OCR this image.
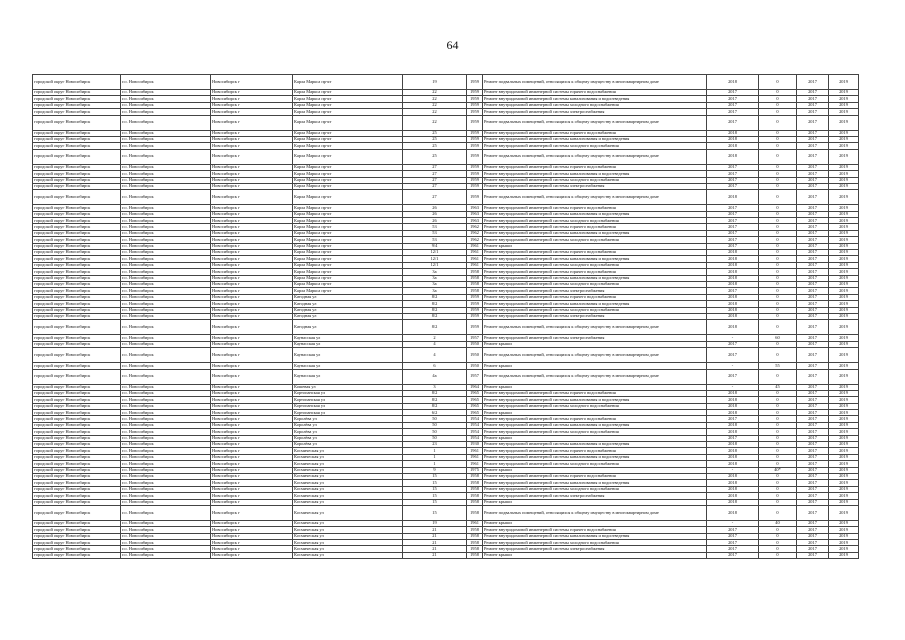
64
городской округ Новосибирск	г.о. Новосибирск	Новосибирск г	Карла Маркса пр-кт	19	1959	Ремонт подвальных помещений, относящихся к общему имуществу в многоквартирном доме	2018	0	2017	2019
городской округ Новосибирск	г.о. Новосибирск	Новосибирск г	Карла Маркса пр-кт	22	1959	Ремонт внутридомовой инженерной системы горячего водоснабжения	2017	0	2017	2019
городской округ Новосибирск	г.о. Новосибирск	Новосибирск г	Карла Маркса пр-кт	22	1959	Ремонт внутридомовой инженерной системы канализования и водоотведения	2017	0	2017	2019
городской округ Новосибирск	г.о. Новосибирск	Новосибирск г	Карла Маркса пр-кт	22	1959	Ремонт внутридомовой инженерной системы холодного водоснабжения	2017	0	2017	2019
городской округ Новосибирск	г.о. Новосибирск	Новосибирск г	Карла Маркса пр-кт	22	1959	Ремонт внутридомовой инженерной системы электроснабжения	2017	0	2017	2019
городской округ Новосибирск	г.о. Новосибирск	Новосибирск г	Карла Маркса пр-кт	22	1959	Ремонт подвальных помещений, относящихся к общему имуществу в многоквартирном доме	2017	0	2017	2019
городской округ Новосибирск	г.о. Новосибирск	Новосибирск г	Карла Маркса пр-кт	25	1959	Ремонт внутридомовой инженерной системы горячего водоснабжения	2018	0	2017	2019
городской округ Новосибирск	г.о. Новосибирск	Новосибирск г	Карла Маркса пр-кт	25	1959	Ремонт внутридомовой инженерной системы канализования и водоотведения	2018	0	2017	2019
городской округ Новосибирск	г.о. Новосибирск	Новосибирск г	Карла Маркса пр-кт	25	1959	Ремонт внутридомовой инженерной системы холодного водоснабжения	2018	0	2017	2019
городской округ Новосибирск	г.о. Новосибирск	Новосибирск г	Карла Маркса пр-кт	25	1959	Ремонт подвальных помещений, относящихся к общему имуществу в многоквартирном доме	2018	0	2017	2019
городской округ Новосибирск	г.о. Новосибирск	Новосибирск г	Карла Маркса пр-кт	27	1959	Ремонт внутридомовой инженерной системы горячего водоснабжения	2017	0	2017	2019
городской округ Новосибирск	г.о. Новосибирск	Новосибирск г	Карла Маркса пр-кт	27	1959	Ремонт внутридомовой инженерной системы канализования и водоотведения	2017	0	2017	2019
городской округ Новосибирск	г.о. Новосибирск	Новосибирск г	Карла Маркса пр-кт	27	1959	Ремонт внутридомовой инженерной системы холодного водоснабжения	2017	0	2017	2019
городской округ Новосибирск	г.о. Новосибирск	Новосибирск г	Карла Маркса пр-кт	27	1959	Ремонт внутридомовой инженерной системы электроснабжения	2017	0	2017	2019
городской округ Новосибирск	г.о. Новосибирск	Новосибирск г	Карла Маркса пр-кт	27	1959	Ремонт подвальных помещений, относящихся к общему имуществу в многоквартирном доме	2018	0	2017	2019
городской округ Новосибирск	г.о. Новосибирск	Новосибирск г	Карла Маркса пр-кт	26	1963	Ремонт внутридомовой инженерной системы горячего водоснабжения	2017	0	2017	2019
городской округ Новосибирск	г.о. Новосибирск	Новосибирск г	Карла Маркса пр-кт	26	1963	Ремонт внутридомовой инженерной системы канализования и водоотведения	2017	0	2017	2019
городской округ Новосибирск	г.о. Новосибирск	Новосибирск г	Карла Маркса пр-кт	26	1963	Ремонт внутридомовой инженерной системы холодного водоснабжения	2017	0	2017	2019
городской округ Новосибирск	г.о. Новосибирск	Новосибирск г	Карла Маркса пр-кт	53	1962	Ремонт внутридомовой инженерной системы горячего водоснабжения	2017	0	2017	2019
городской округ Новосибирск	г.о. Новосибирск	Новосибирск г	Карла Маркса пр-кт	53	1962	Ремонт внутридомовой инженерной системы канализования и водоотведения	2017	0	2017	2019
городской округ Новосибирск	г.о. Новосибирск	Новосибирск г	Карла Маркса пр-кт	53	1962	Ремонт внутридомовой инженерной системы холодного водоснабжения	2017	0	2017	2019
городской округ Новосибирск	г.о. Новосибирск	Новосибирск г	Карла Маркса пр-кт	9/4	1961	Ремонт крыши	2017	0	2017	2019
городской округ Новосибирск	г.о. Новосибирск	Новосибирск г	Карла Маркса пр-кт	12/1	1961	Ремонт внутридомовой инженерной системы горячего водоснабжения	2018	0	2017	2019
городской округ Новосибирск	г.о. Новосибирск	Новосибирск г	Карла Маркса пр-кт	12/1	1961	Ремонт внутридомовой инженерной системы канализования и водоотведения	2018	0	2017	2019
городской округ Новосибирск	г.о. Новосибирск	Новосибирск г	Карла Маркса пр-кт	12/1	1961	Ремонт внутридомовой инженерной системы холодного водоснабжения	2018	0	2017	2019
городской округ Новосибирск	г.о. Новосибирск	Новосибирск г	Карла Маркса пр-кт	3а	1958	Ремонт внутридомовой инженерной системы горячего водоснабжения	2018	0	2017	2019
городской округ Новосибирск	г.о. Новосибирск	Новосибирск г	Карла Маркса пр-кт	3а	1958	Ремонт внутридомовой инженерной системы канализования и водоотведения	2018	0	2017	2019
городской округ Новосибирск	г.о. Новосибирск	Новосибирск г	Карла Маркса пр-кт	3а	1958	Ремонт внутридомовой инженерной системы холодного водоснабжения	2018	0	2017	2019
городской округ Новосибирск	г.о. Новосибирск	Новосибирск г	Карла Маркса пр-кт	3а	1958	Ремонт внутридомовой инженерной системы электроснабжения	2017	0	2017	2019
городской округ Новосибирск	г.о. Новосибирск	Новосибирск г	Катодная ул	8/2	1959	Ремонт внутридомовой инженерной системы горячего водоснабжения	2018	0	2017	2019
городской округ Новосибирск	г.о. Новосибирск	Новосибирск г	Катодная ул	8/2	1959	Ремонт внутридомовой инженерной системы канализования и водоотведения	2018	0	2017	2019
городской округ Новосибирск	г.о. Новосибирск	Новосибирск г	Катодная ул	8/2	1959	Ремонт внутридомовой инженерной системы холодного водоснабжения	2018	0	2017	2019
городской округ Новосибирск	г.о. Новосибирск	Новосибирск г	Катодная ул	8/2	1959	Ремонт внутридомовой инженерной системы электроснабжения	2018	0	2017	2019
городской округ Новосибирск	г.о. Новосибирск	Новосибирск г	Катодная ул	8/2	1959	Ремонт подвальных помещений, относящихся к общему имуществу в многоквартирном доме	2018	0	2017	2019
городской округ Новосибирск	г.о. Новосибирск	Новосибирск г	Каунасская ул	2	1957	Ремонт внутридомовой инженерной системы электроснабжения	-	60	2017	2019
городской округ Новосибирск	г.о. Новосибирск	Новосибирск г	Каунасская ул	4	1950	Ремонт крыши	2017	0	2017	2019
городской округ Новосибирск	г.о. Новосибирск	Новосибирск г	Каунасская ул	4	1950	Ремонт подвальных помещений, относящихся к общему имуществу в многоквартирном доме	2017	0	2017	2019
городской округ Новосибирск	г.о. Новосибирск	Новосибирск г	Каунасская ул	6	1950	Ремонт крыши	-	55	2017	2019
городской округ Новосибирск	г.о. Новосибирск	Новосибирск г	Каунасская ул	4а	1957	Ремонт подвальных помещений, относящихся к общему имуществу в многоквартирном доме	2017	0	2017	2019
городской округ Новосибирск	г.о. Новосибирск	Новосибирск г	Кошевая ул	3	1964	Ремонт крыши	-	45	2017	2019
городской округ Новосибирск	г.о. Новосибирск	Новосибирск г	Кортопанская ул	8/2	1965	Ремонт внутридомовой инженерной системы горячего водоснабжения	2018	0	2017	2019
городской округ Новосибирск	г.о. Новосибирск	Новосибирск г	Кортопанская ул	8/2	1965	Ремонт внутридомовой инженерной системы канализования и водоотведения	2018	0	2017	2019
городской округ Новосибирск	г.о. Новосибирск	Новосибирск г	Кортопанская ул	8/2	1965	Ремонт внутридомовой инженерной системы холодного водоснабжения	2018	0	2017	2019
городской округ Новосибирск	г.о. Новосибирск	Новосибирск г	Кортопанская ул	6/2	1965	Ремонт крыши	2018	0	2017	2019
городской округ Новосибирск	г.о. Новосибирск	Новосибирск г	Королёва ул	50	1954	Ремонт внутридомовой инженерной системы горячего водоснабжения	2017	0	2017	2019
городской округ Новосибирск	г.о. Новосибирск	Новосибирск г	Королёва ул	50	1954	Ремонт внутридомовой инженерной системы канализования и водоотведения	2018	0	2017	2019
городской округ Новосибирск	г.о. Новосибирск	Новосибирск г	Королёва ул	50	1954	Ремонт внутридомовой инженерной системы холодного водоснабжения	2018	0	2017	2019
городской округ Новосибирск	г.о. Новосибирск	Новосибирск г	Королёва ул	50	1954	Ремонт крыши	2017	0	2017	2019
городской округ Новосибирск	г.о. Новосибирск	Новосибирск г	Королёва ул	23	1930	Ремонт внутридомовой инженерной системы канализования и водоотведения	2018	0	2017	2019
городской округ Новосибирск	г.о. Новосибирск	Новосибирск г	Космическая ул	1	1961	Ремонт внутридомовой инженерной системы горячего водоснабжения	2018	0	2017	2019
городской округ Новосибирск	г.о. Новосибирск	Новосибирск г	Космическая ул	1	1961	Ремонт внутридомовой инженерной системы канализования и водоотведения	2018	0	2017	2019
городской округ Новосибирск	г.о. Новосибирск	Новосибирск г	Космическая ул	1	1961	Ремонт внутридомовой инженерной системы холодного водоснабжения	2018	0	2017	2019
городской округ Новосибирск	г.о. Новосибирск	Новосибирск г	Космическая ул	9	1975	Ремонт крыши	-	40*	2017	2019
городской округ Новосибирск	г.о. Новосибирск	Новосибирск г	Космическая ул	15	1958	Ремонт внутридомовой инженерной системы горячего водоснабжения	2018	0	2017	2019
городской округ Новосибирск	г.о. Новосибирск	Новосибирск г	Космическая ул	15	1958	Ремонт внутридомовой инженерной системы канализования и водоотведения	2018	0	2017	2019
городской округ Новосибирск	г.о. Новосибирск	Новосибирск г	Космическая ул	15	1958	Ремонт внутридомовой инженерной системы холодного водоснабжения	2018	0	2017	2019
городской округ Новосибирск	г.о. Новосибирск	Новосибирск г	Космическая ул	15	1958	Ремонт внутридомовой инженерной системы электроснабжения	2018	0	2017	2019
городской округ Новосибирск	г.о. Новосибирск	Новосибирск г	Космическая ул	15	1958	Ремонт крыши	2018	0	2017	2019
городской округ Новосибирск	г.о. Новосибирск	Новосибирск г	Космическая ул	15	1958	Ремонт подвальных помещений, относящихся к общему имуществу в многоквартирном доме	2018	0	2017	2019
городской округ Новосибирск	г.о. Новосибирск	Новосибирск г	Космическая ул	19	1961	Ремонт крыши	-	40	2017	2019
городской округ Новосибирск	г.о. Новосибирск	Новосибирск г	Космическая ул	21	1958	Ремонт внутридомовой инженерной системы горячего водоснабжения	2017	0	2017	2019
городской округ Новосибирск	г.о. Новосибирск	Новосибирск г	Космическая ул	21	1958	Ремонт внутридомовой инженерной системы канализования и водоотведения	2017	0	2017	2019
городской округ Новосибирск	г.о. Новосибирск	Новосибирск г	Космическая ул	21	1958	Ремонт внутридомовой инженерной системы холодного водоснабжения	2017	0	2017	2019
городской округ Новосибирск	г.о. Новосибирск	Новосибирск г	Космическая ул	21	1958	Ремонт внутридомовой инженерной системы электроснабжения	2017	0	2017	2019
городской округ Новосибирск	г.о. Новосибирск	Новосибирск г	Космическая ул	21	1958	Ремонт крыши	2017	0	2017	2019
